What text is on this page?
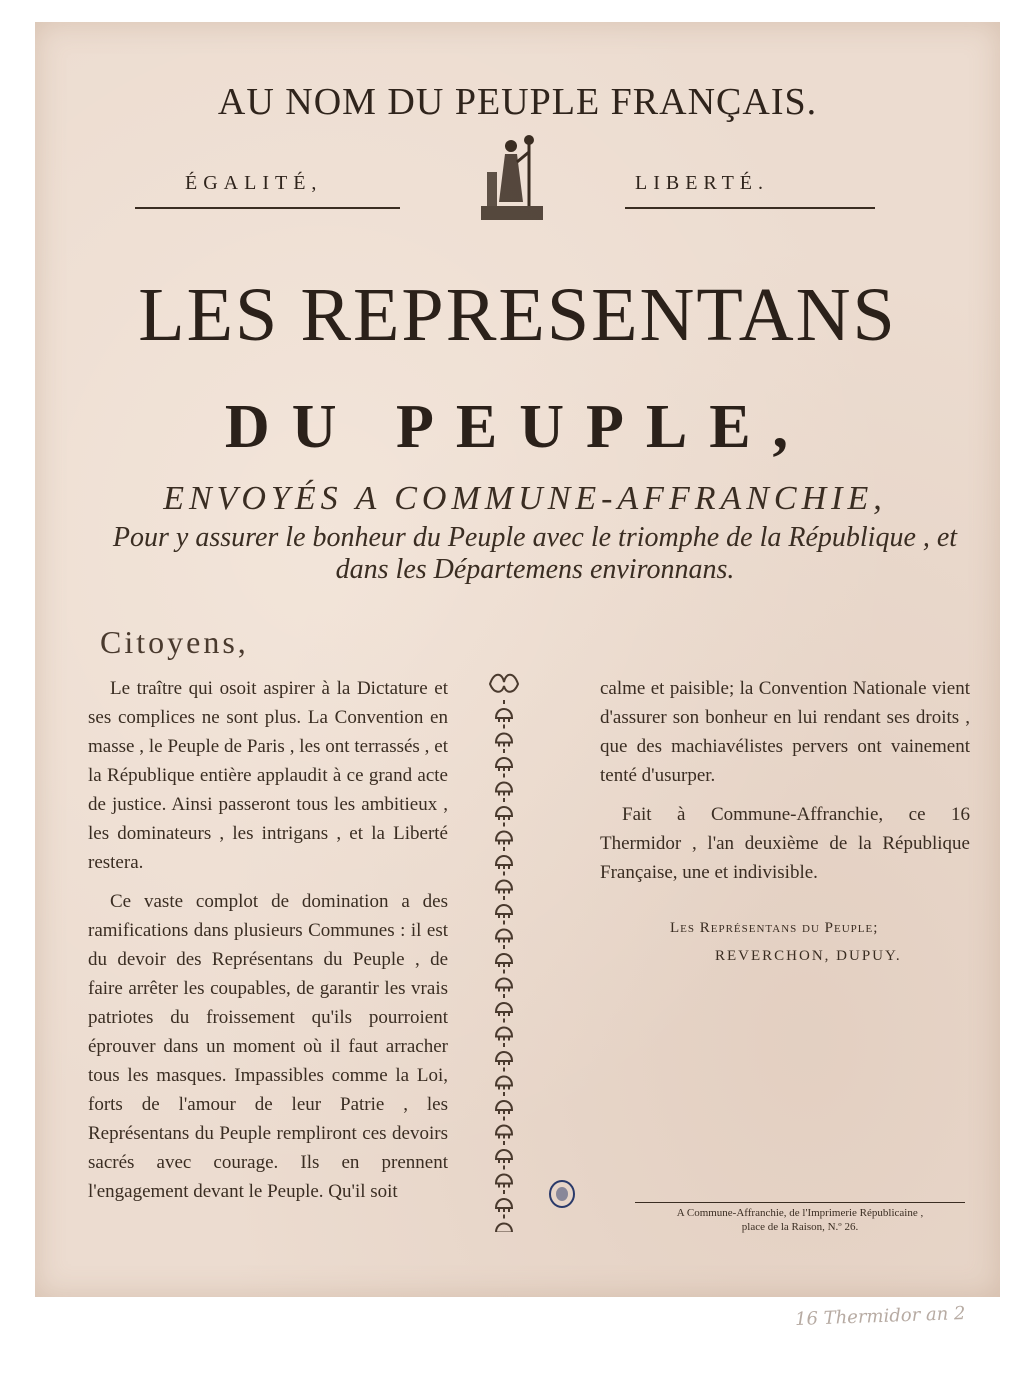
AU NOM DU PEUPLE FRANÇAIS.
ÉGALITÉ,	LIBERTÉ.
LES REPRESENTANS
DU PEUPLE,
ENVOYÉS A COMMUNE-AFFRANCHIE,
Pour y assurer le bonheur du Peuple avec le triomphe de la République , et dans les Départemens environnans.
Citoyens,

Le traître qui osoit aspirer à la Dictature et ses complices ne sont plus. La Convention en masse , le Peuple de Paris , les ont terrassés , et la République entière applaudit à ce grand acte de justice. Ainsi passeront tous les ambitieux , les dominateurs , les intrigans , et la Liberté restera.

Ce vaste complot de domination a des ramifications dans plusieurs Communes : il est du devoir des Représentans du Peuple , de faire arrêter les coupables, de garantir les vrais patriotes du froissement qu'ils pourroient éprouver dans un moment où il faut arracher tous les masques. Impassibles comme la Loi, forts de l'amour de leur Patrie , les Représentans du Peuple rempliront ces devoirs sacrés avec courage. Ils en prennent l'engagement devant le Peuple. Qu'il soit

calme et paisible; la Convention Nationale vient d'assurer son bonheur en lui rendant ses droits , que des machiavélistes pervers ont vainement tenté d'usurper.

Fait à Commune-Affranchie, ce 16 Thermidor , l'an deuxième de la République Française, une et indivisible.

Les Représentans du Peuple;
REVERCHON, DUPUY.
A Commune-Affranchie, de l'Imprimerie Républicaine ,
place de la Raison, N.º 26.
16 Thermidor an 2
